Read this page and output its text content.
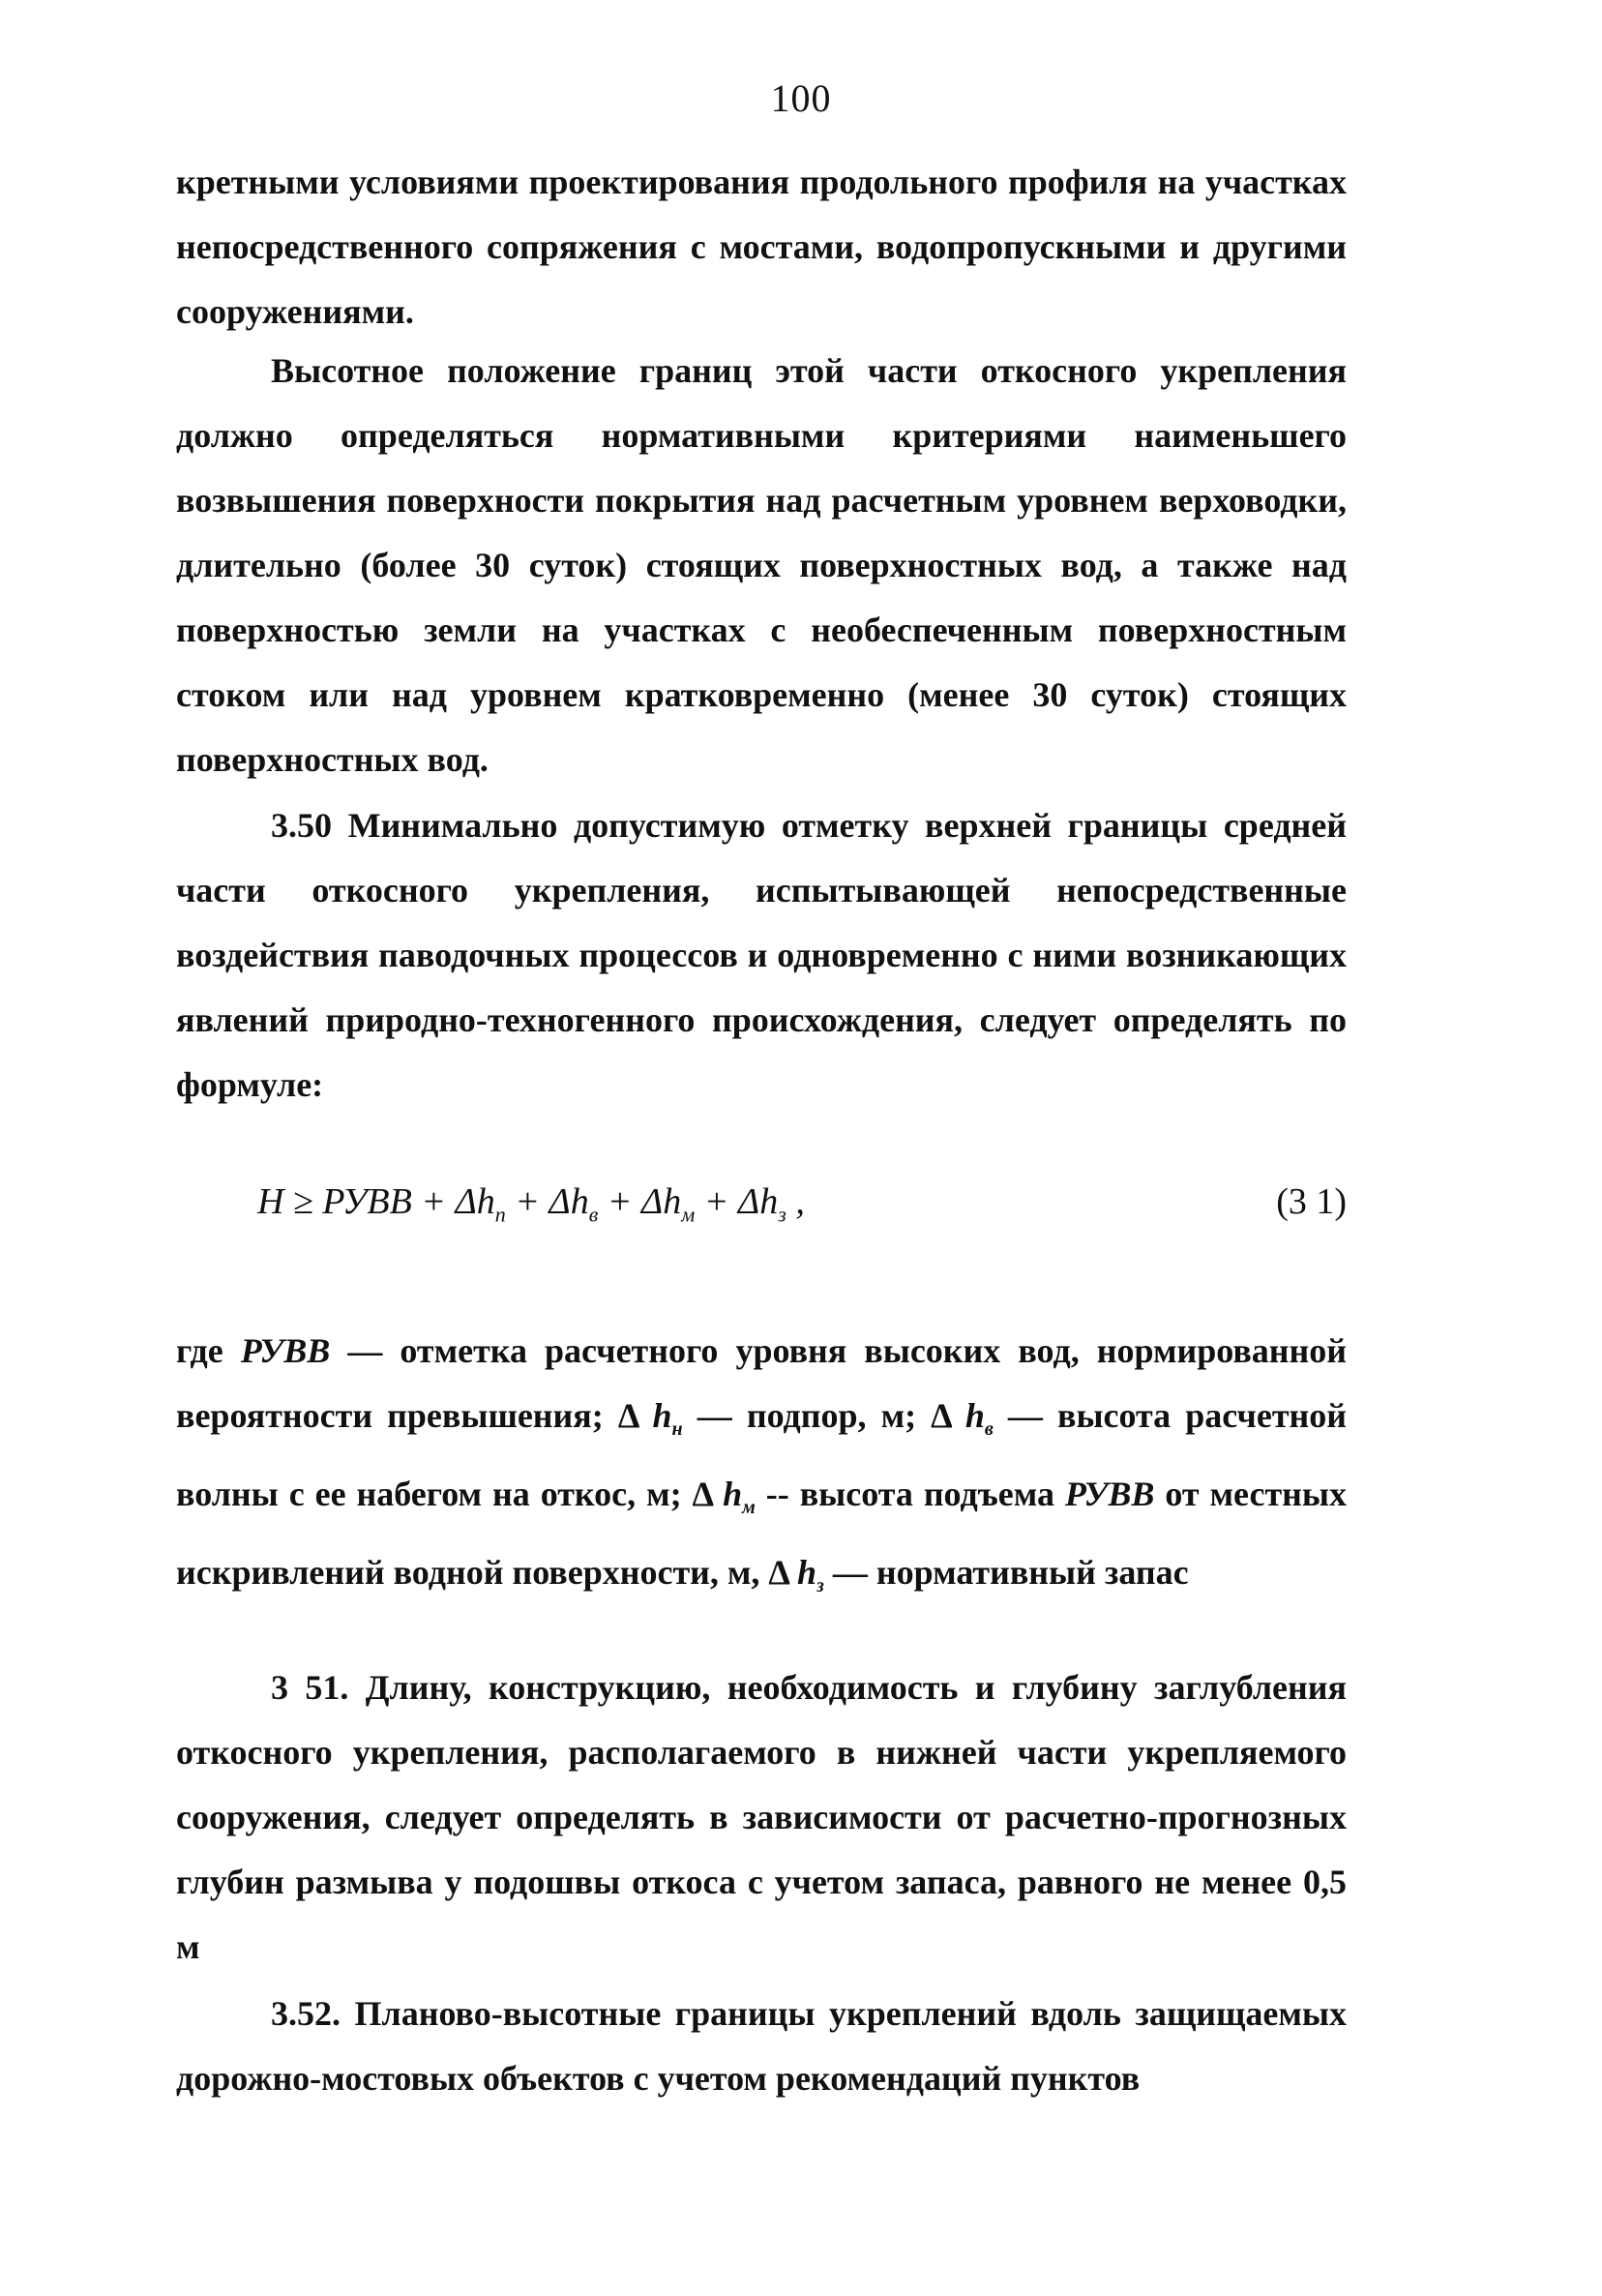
100

кретными условиями проектирования продольного профиля на участках непосредственного сопряжения с мостами, водопропускными и другими сооружениями.

Высотное положение границ этой части откосного укрепления должно определяться нормативными критериями наименьшего возвышения поверхности покрытия над расчетным уровнем верховодки, длительно (более 30 суток) стоящих поверхностных вод, а также над поверхностью земли на участках с необеспеченным поверхностным стоком или над уровнем кратковременно (менее 30 суток) стоящих поверхностных вод.

3.50 Минимально допустимую отметку верхней границы средней части откосного укрепления, испытывающей непосредственные воздействия паводочных процессов и одновременно с ними возникающих явлений природно-техногенного происхождения, следует определять по формуле:

H ≥ РУВВ + $\Delta h_п + \Delta h_в + \Delta h_м + \Delta h_з$ ,	(3 1)

где РУВВ — отметка расчетного уровня высоких вод, нормированной вероятности превышения; Δ $h_н$ — подпор, м; Δ $h_в$ — высота расчетной волны с ее набегом на откос, м; Δ $h_м$ -- высота подъема РУВВ от местных искривлений водной поверхности, м, Δ $h_з$ — нормативный запас

3 51. Длину, конструкцию, необходимость и глубину заглубления откосного укрепления, располагаемого в нижней части укрепляемого сооружения, следует определять в зависимости от расчетно-прогнозных глубин размыва у подошвы откоса с учетом запаса, равного не менее 0,5 м

3.52. Планово-высотные границы укреплений вдоль защищаемых дорожно-мостовых объектов с учетом рекомендаций пунктов
